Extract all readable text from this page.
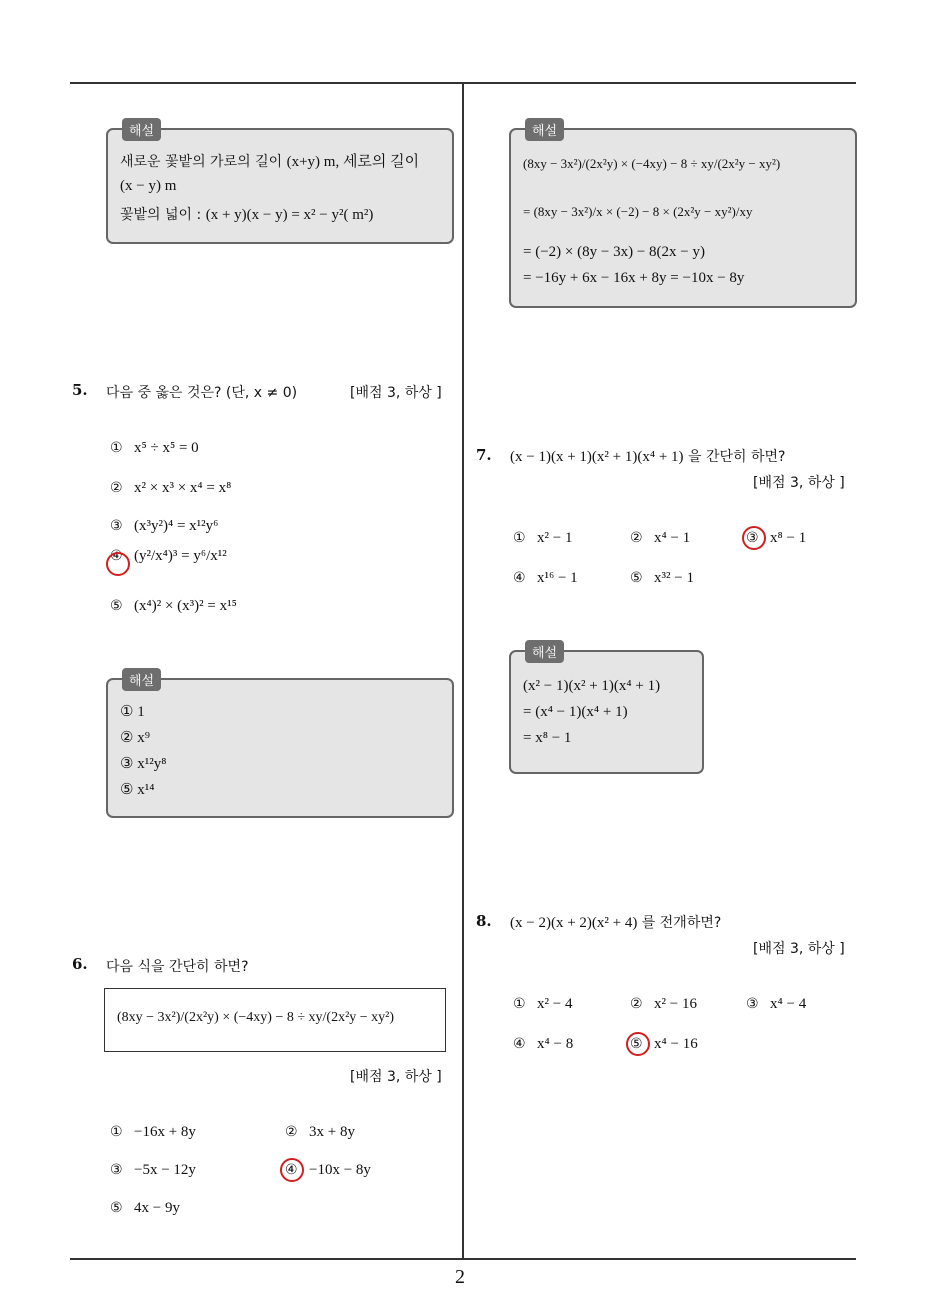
2
해설
새로운 꽃밭의 가로의 길이 (x+y) m, 세로의 길이
(x − y) m
꽃밭의 넓이 : (x + y)(x − y) = x² − y²( m²)
5. 다음 중 옳은 것은? (단, x ≠ 0)	[배점 3, 하상 ]
① x⁵ ÷ x⁵ = 0
② x² × x³ × x⁴ = x⁸
③ (x³y²)⁴ = x¹²y⁶
④ (y²/x⁴)³ = y⁶/x¹²
⑤ (x⁴)² × (x³)² = x¹⁵
해설
① 1
② x⁹
③ x¹²y⁸
⑤ x¹⁴
6. 다음 식을 간단히 하면?
(8xy − 3x²)/(2x²y) × (−4xy) − 8 ÷ xy/(2x²y − xy²)
[배점 3, 하상 ]
① −16x + 8y	② 3x + 8y
③ −5x − 12y	④ −10x − 8y
⑤ 4x − 9y
해설
(8xy − 3x²)/(2x²y) × (−4xy) − 8 ÷ xy/(2x²y − xy²)
= (8xy − 3x²)/x × (−2) − 8 × (2x²y − xy²)/xy
= (−2) × (8y − 3x) − 8(2x − y)
= −16y + 6x − 16x + 8y = −10x − 8y
7. (x − 1)(x + 1)(x² + 1)(x⁴ + 1) 을 간단히 하면?
[배점 3, 하상 ]
① x² − 1	② x⁴ − 1	③ x⁸ − 1
④ x¹⁶ − 1	⑤ x³² − 1
해설
(x² − 1)(x² + 1)(x⁴ + 1)
= (x⁴ − 1)(x⁴ + 1)
= x⁸ − 1
8. (x − 2)(x + 2)(x² + 4) 를 전개하면?
[배점 3, 하상 ]
① x² − 4	② x² − 16	③ x⁴ − 4
④ x⁴ − 8	⑤ x⁴ − 16
